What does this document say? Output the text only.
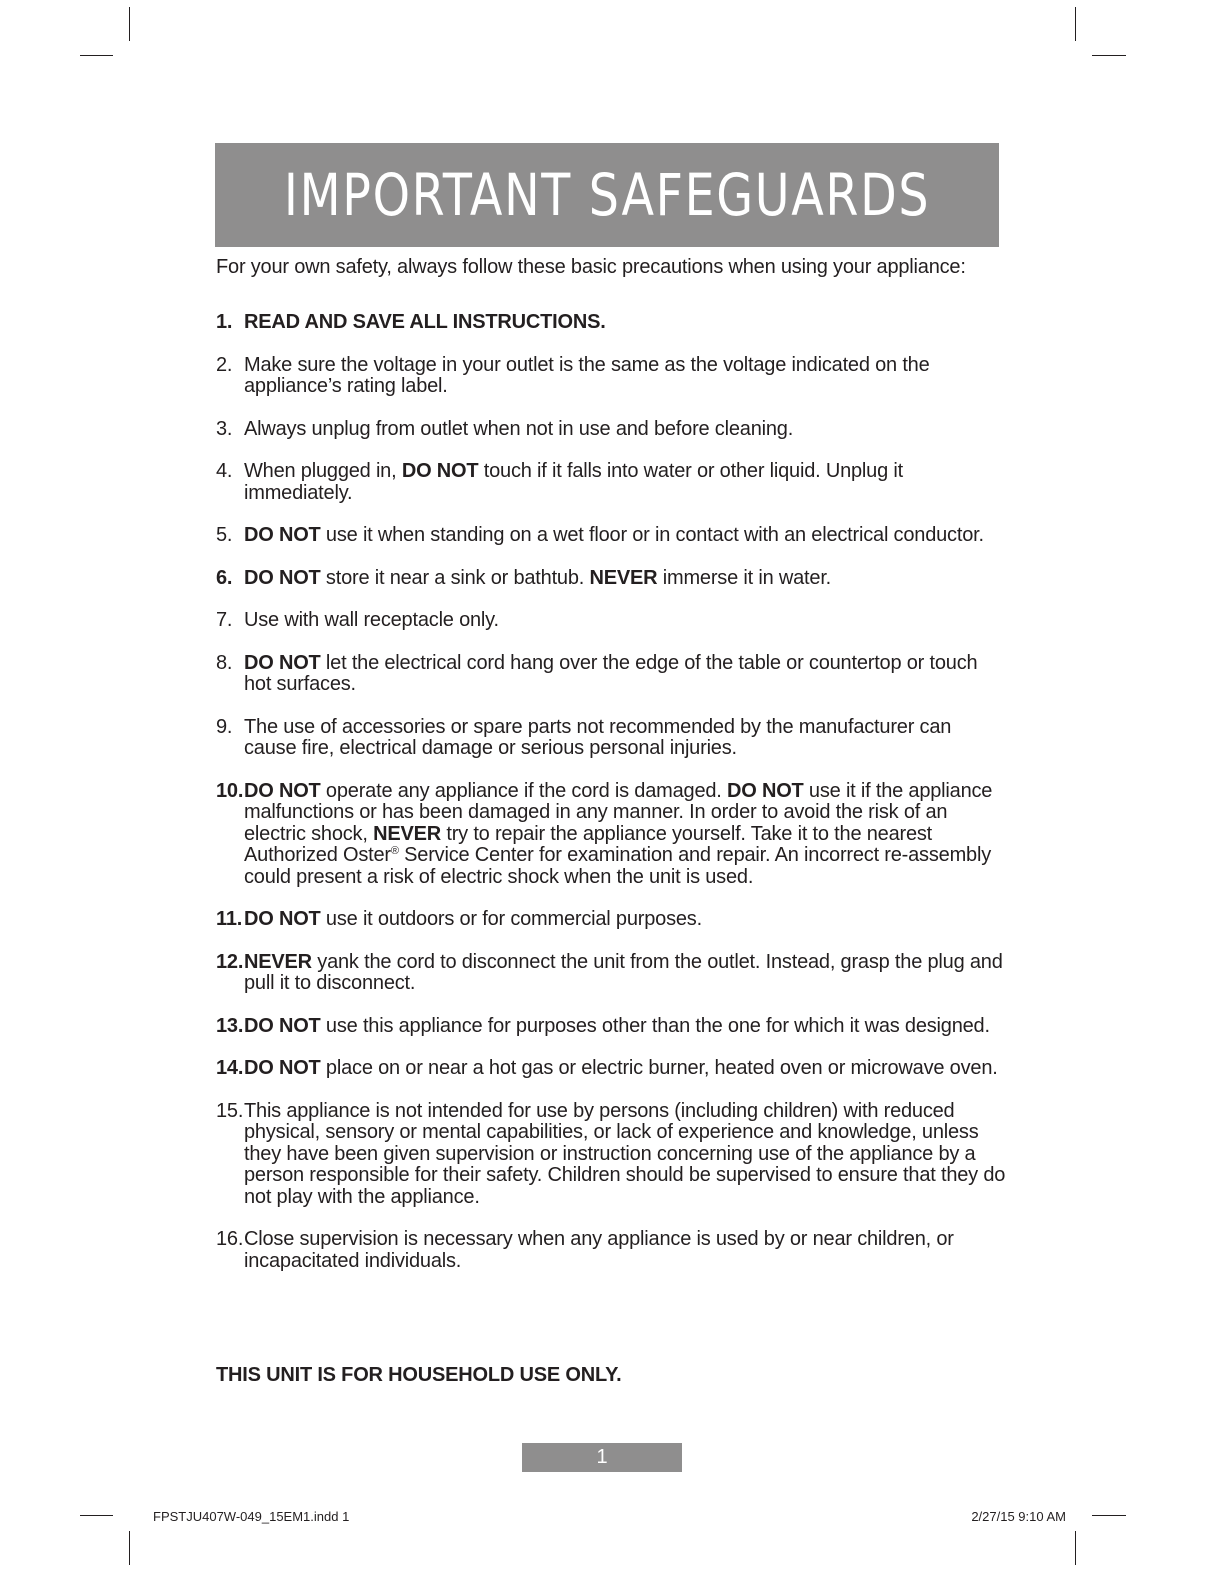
IMPORTANT SAFEGUARDS
For your own safety, always follow these basic precautions when using your appliance:
1. READ AND SAVE ALL INSTRUCTIONS.
2. Make sure the voltage in your outlet is the same as the voltage indicated on the appliance’s rating label.
3. Always unplug from outlet when not in use and before cleaning.
4. When plugged in, DO NOT touch if it falls into water or other liquid. Unplug it immediately.
5. DO NOT use it when standing on a wet floor or in contact with an electrical conductor.
6. DO NOT store it near a sink or bathtub. NEVER immerse it in water.
7. Use with wall receptacle only.
8. DO NOT let the electrical cord hang over the edge of the table or countertop or touch hot surfaces.
9. The use of accessories or spare parts not recommended by the manufacturer can cause fire, electrical damage or serious personal injuries.
10. DO NOT operate any appliance if the cord is damaged. DO NOT use it if the appliance malfunctions or has been damaged in any manner. In order to avoid the risk of an electric shock, NEVER try to repair the appliance yourself. Take it to the nearest Authorized Oster® Service Center for examination and repair. An incorrect re-assembly could present a risk of electric shock when the unit is used.
11. DO NOT use it outdoors or for commercial purposes.
12. NEVER yank the cord to disconnect the unit from the outlet. Instead, grasp the plug and pull it to disconnect.
13. DO NOT use this appliance for purposes other than the one for which it was designed.
14. DO NOT place on or near a hot gas or electric burner, heated oven or microwave oven.
15. This appliance is not intended for use by persons (including children) with reduced physical, sensory or mental capabilities, or lack of experience and knowledge, unless they have been given supervision or instruction concerning use of the appliance by a person responsible for their safety. Children should be supervised to ensure that they do not play with the appliance.
16. Close supervision is necessary when any appliance is used by or near children, or incapacitated individuals.
THIS UNIT IS FOR HOUSEHOLD USE ONLY.
1
FPSTJU407W-049_15EM1.indd 1	2/27/15 9:10 AM
